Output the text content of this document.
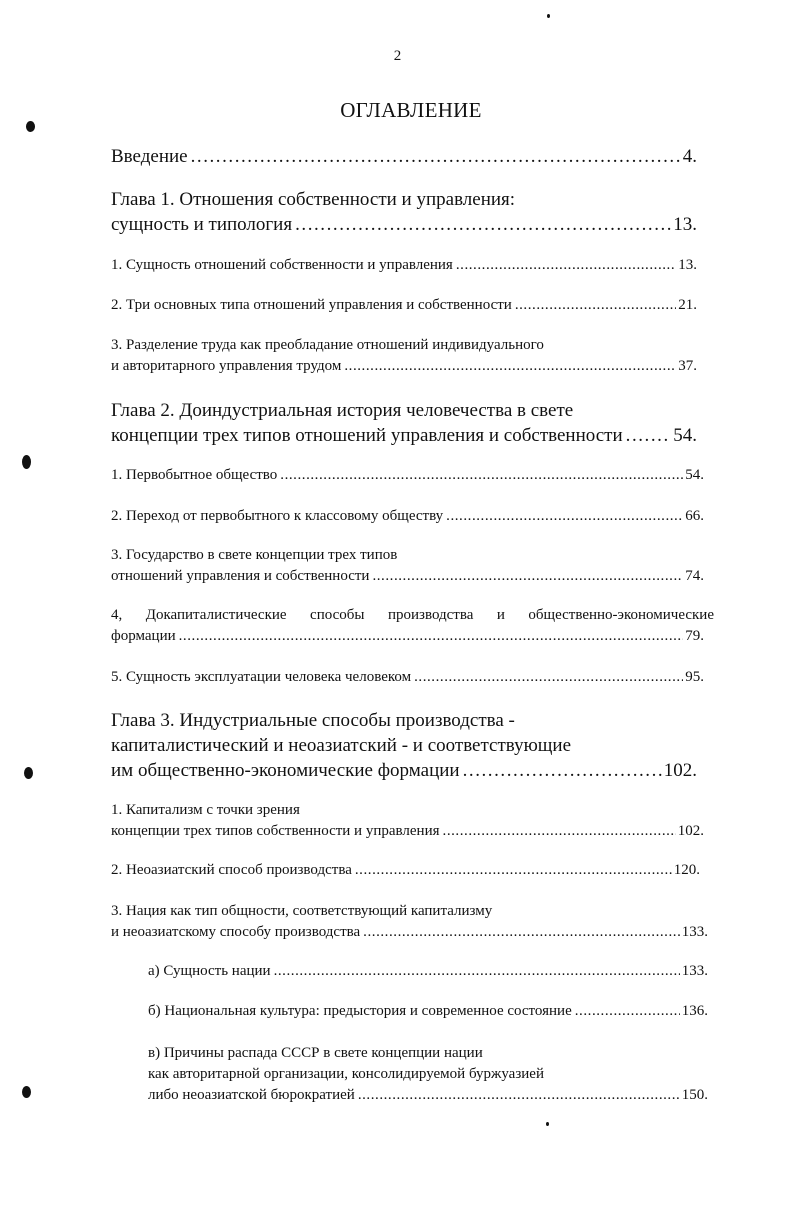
2
ОГЛАВЛЕНИЕ
Введение . . .	4.
Глава 1. Отношения собственности и управления:
сущность и типология . . .	13.
1. Сущность отношений собственности и управления . . .	13.
2. Три основных типа отношений управления и собственности . . .	21.
3. Разделение труда как преобладание отношений индивидуального
и авторитарного управления трудом . . .	37.
Глава 2. Доиндустриальная история человечества в свете
концепции трех типов отношений управления и собственности . . .	54.
1. Первобытное общество . . .	54.
2. Переход от первобытного к классовому обществу . . .	66.
3. Государство в свете концепции трех типов
отношений управления и собственности . . .	74.
4, Докапиталистические способы производства и общественно-экономические
формации . . .	79.
5. Сущность эксплуатации человека человеком . . .	95.
Глава 3. Индустриальные способы производства -
капиталистический и неоазиатский - и соответствующие
им общественно-экономические формации . . .	102.
1. Капитализм с точки зрения
концепции трех типов собственности и управления . . .	102.
2. Неоазиатский способ производства . . .	120.
3. Нация как тип общности, соответствующий капитализму
и неоазиатскому способу производства . . .	133.
а) Сущность нации . . .	133.
б) Национальная культура: предыстория и современное состояние . . .	136.
в) Причины распада СССР в свете концепции нации
как авторитарной организации, консолидируемой буржуазией
либо неоазиатской бюрократией . . .	150.
